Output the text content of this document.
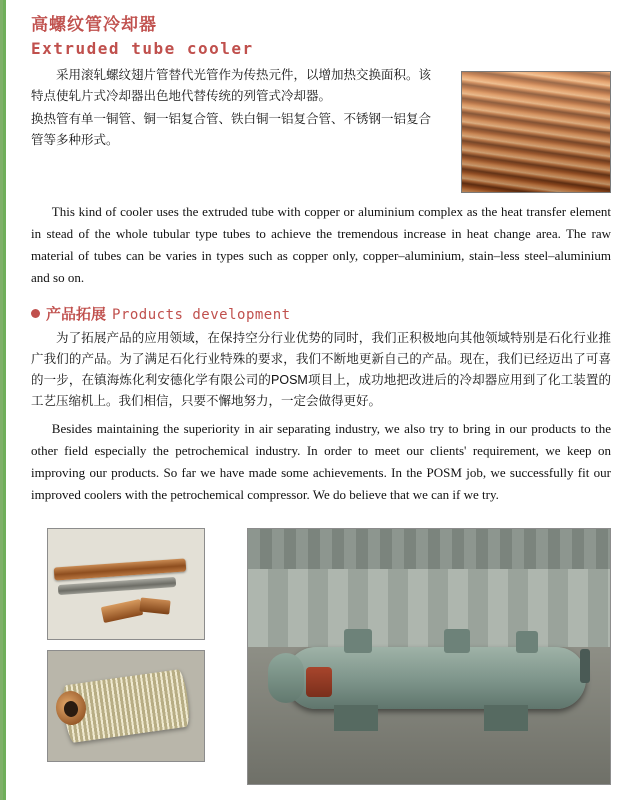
高螺纹管冷却器
Extruded tube cooler

采用滚轧螺纹翅片管替代光管作为传热元件，以增加热交换面积。该特点使轧片式冷却器出色地代替传统的列管式冷却器。

换热管有单一铜管、铜一铝复合管、铁白铜一铝复合管、不锈钢一铝复合管等多种形式。

This kind of cooler uses the extruded tube with copper or aluminium complex as the heat transfer element in stead of the whole tubular type tubes to achieve the tremendous increase in heat change area. The raw material of tubes can be varies in types such as copper only, copper–aluminium, stain–less steel–aluminium and so on.

产品拓展 Products development

为了拓展产品的应用领域，在保持空分行业优势的同时，我们正积极地向其他领域特别是石化行业推广我们的产品。为了满足石化行业特殊的要求，我们不断地更新自己的产品。现在，我们已经迈出了可喜的一步，在镇海炼化利安德化学有限公司的POSM项目上，成功地把改进后的冷却器应用到了化工装置的工艺压缩机上。我们相信，只要不懈地努力，一定会做得更好。

Besides maintaining the superiority in air separating industry, we also try to bring in our products to the other field especially the petrochemical industry. In order to meet our clients' requirement, we keep on improving our products. So far we have made some achievements. In the POSM job, we successfully fit our improved coolers with the petrochemical compressor. We do believe that we can if we try.
